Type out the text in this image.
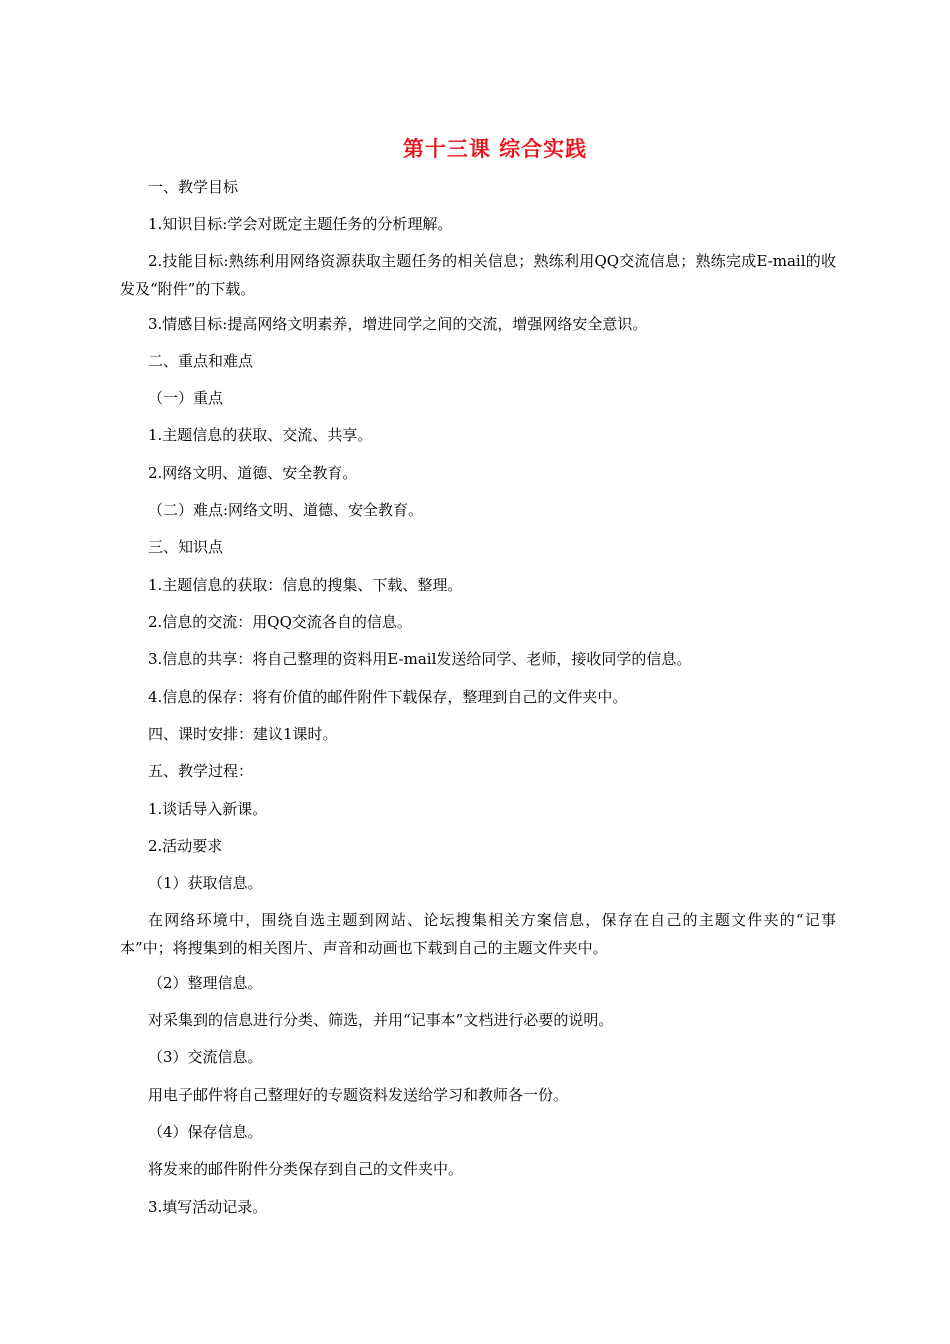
第十三课 综合实践
一、教学目标
1.知识目标:学会对既定主题任务的分析理解。
2.技能目标:熟练利用网络资源获取主题任务的相关信息；熟练利用QQ交流信息；熟练完成E-mail的收发及“附件”的下载。
3.情感目标:提高网络文明素养，增进同学之间的交流，增强网络安全意识。
二、重点和难点
（一）重点
1.主题信息的获取、交流、共享。
2.网络文明、道德、安全教育。
（二）难点:网络文明、道德、安全教育。
三、知识点
1.主题信息的获取：信息的搜集、下载、整理。
2.信息的交流：用QQ交流各自的信息。
3.信息的共享：将自己整理的资料用E-mail发送给同学、老师，接收同学的信息。
4.信息的保存：将有价值的邮件附件下载保存，整理到自己的文件夹中。
四、课时安排：建议1课时。
五、教学过程：
1.谈话导入新课。
2.活动要求
（1）获取信息。
在网络环境中，围绕自选主题到网站、论坛搜集相关方案信息，保存在自己的主题文件夹的“记事本”中；将搜集到的相关图片、声音和动画也下载到自己的主题文件夹中。
（2）整理信息。
对采集到的信息进行分类、筛选，并用“记事本”文档进行必要的说明。
（3）交流信息。
用电子邮件将自己整理好的专题资料发送给学习和教师各一份。
（4）保存信息。
将发来的邮件附件分类保存到自己的文件夹中。
3.填写活动记录。
